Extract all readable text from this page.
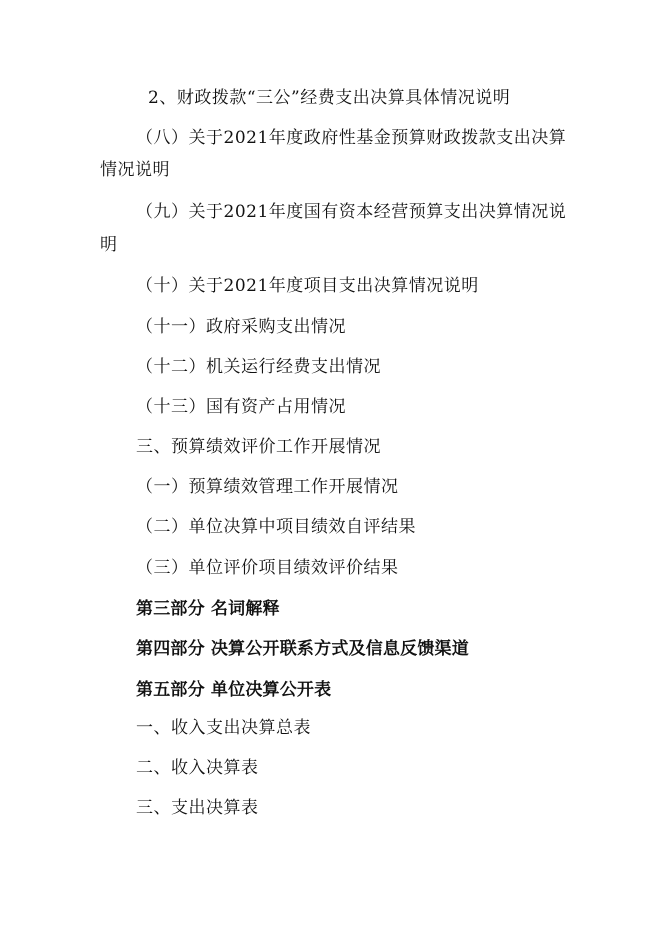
2、财政拨款“三公”经费支出决算具体情况说明
（八）关于2021年度政府性基金预算财政拨款支出决算
情况说明
（九）关于2021年度国有资本经营预算支出决算情况说
明
（十）关于2021年度项目支出决算情况说明
（十一）政府采购支出情况
（十二）机关运行经费支出情况
（十三）国有资产占用情况
三、预算绩效评价工作开展情况
（一）预算绩效管理工作开展情况
（二）单位决算中项目绩效自评结果
（三）单位评价项目绩效评价结果
第三部分 名词解释
第四部分 决算公开联系方式及信息反馈渠道
第五部分 单位决算公开表
一、收入支出决算总表
二、收入决算表
三、支出决算表
